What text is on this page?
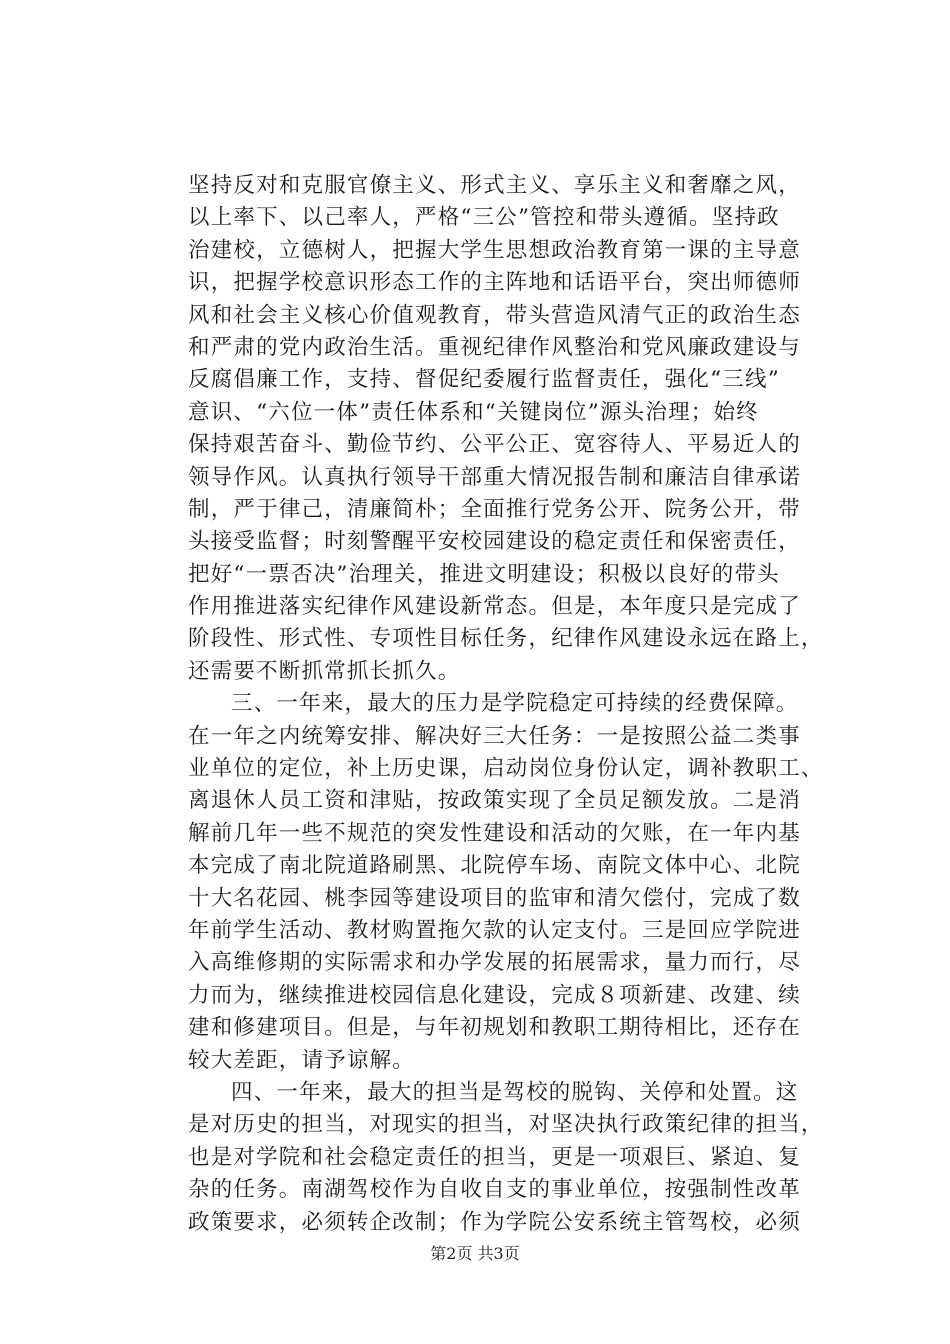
坚持反对和克服官僚主义、形式主义、享乐主义和奢靡之风，
以上率下、以己率人，严格“三公”管控和带头遵循。坚持政
治建校，立德树人，把握大学生思想政治教育第一课的主导意
识，把握学校意识形态工作的主阵地和话语平台，突出师德师
风和社会主义核心价值观教育，带头营造风清气正的政治生态
和严肃的党内政治生活。重视纪律作风整治和党风廉政建设与
反腐倡廉工作，支持、督促纪委履行监督责任，强化“三线”
意识、“六位一体”责任体系和“关键岗位”源头治理；始终
保持艰苦奋斗、勤俭节约、公平公正、宽容待人、平易近人的
领导作风。认真执行领导干部重大情况报告制和廉洁自律承诺
制，严于律己，清廉简朴；全面推行党务公开、院务公开，带
头接受监督；时刻警醒平安校园建设的稳定责任和保密责任，
把好“一票否决”治理关，推进文明建设；积极以良好的带头
作用推进落实纪律作风建设新常态。但是，本年度只是完成了
阶段性、形式性、专项性目标任务，纪律作风建设永远在路上，
还需要不断抓常抓长抓久。
三、一年来，最大的压力是学院稳定可持续的经费保障。
在一年之内统筹安排、解决好三大任务：一是按照公益二类事
业单位的定位，补上历史课，启动岗位身份认定，调补教职工、
离退休人员工资和津贴，按政策实现了全员足额发放。二是消
解前几年一些不规范的突发性建设和活动的欠账，在一年内基
本完成了南北院道路刷黑、北院停车场、南院文体中心、北院
十大名花园、桃李园等建设项目的监审和清欠偿付，完成了数
年前学生活动、教材购置拖欠款的认定支付。三是回应学院进
入高维修期的实际需求和办学发展的拓展需求，量力而行，尽
力而为，继续推进校园信息化建设，完成８项新建、改建、续
建和修建项目。但是，与年初规划和教职工期待相比，还存在
较大差距，请予谅解。
四、一年来，最大的担当是驾校的脱钩、关停和处置。这
是对历史的担当，对现实的担当，对坚决执行政策纪律的担当，
也是对学院和社会稳定责任的担当，更是一项艰巨、紧迫、复
杂的任务。南湖驾校作为自收自支的事业单位，按强制性改革
政策要求，必须转企改制；作为学院公安系统主管驾校，必须
第2页 共3页
